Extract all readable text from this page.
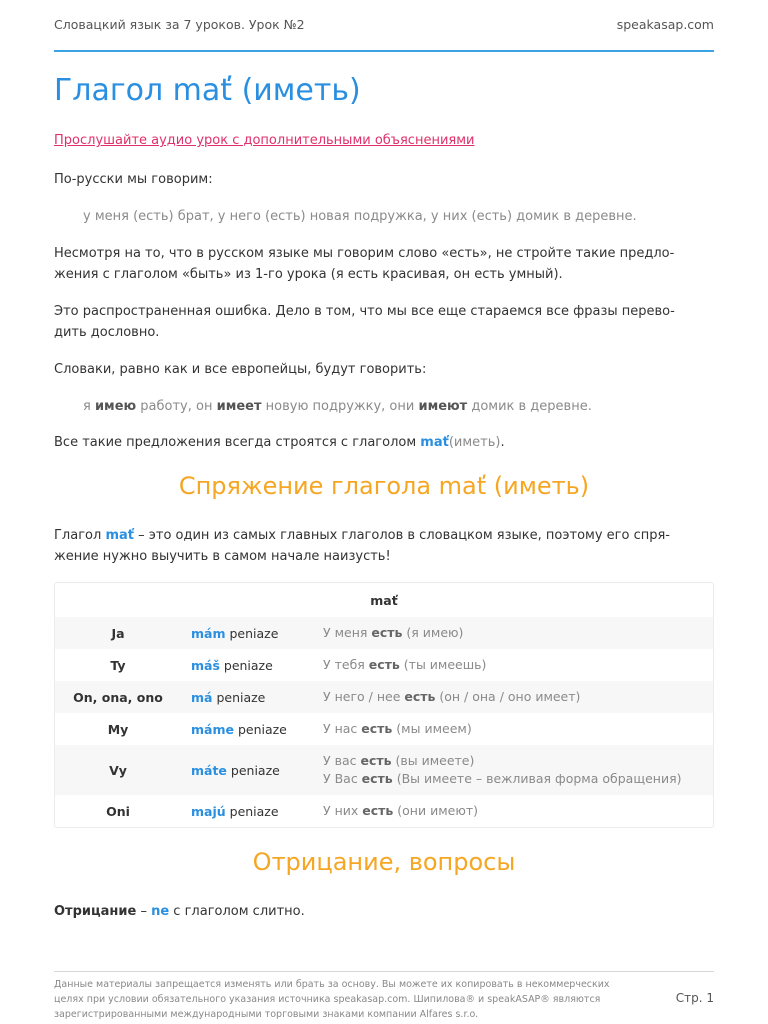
Словацкий язык за 7 уроков. Урок №2	speakasap.com
Глагол mať (иметь)
Прослушайте аудио урок с дополнительными объяснениями

По-русски мы говорим:

у меня (есть) брат, у него (есть) новая подружка, у них (есть) домик в деревне.

Несмотря на то, что в русском языке мы говорим слово «есть», не стройте такие предло-
жения с глаголом «быть» из 1-го урока (я есть красивая, он есть умный).

Это распространенная ошибка. Дело в том, что мы все еще стараемся все фразы перево-
дить дословно.

Словаки, равно как и все европейцы, будут говорить:

я имею работу, он имеет новую подружку, они имеют домик в деревне.

Все такие предложения всегда строятся с глаголом mať(иметь).

Спряжение глагола mať (иметь)

Глагол mať – это один из самых главных глаголов в словацком языке, поэтому его спря-
жение нужно выучить в самом начале наизусть!

mať		
Ja	mám peniaze	У меня есть (я имею)
Ty	máš peniaze	У тебя есть (ты имеешь)
On, ona, ono	má peniaze	У него / нее есть (он / она / оно имеет)
My	máme peniaze	У нас есть (мы имеем)
Vy	máte peniaze	У вас есть (вы имеете)
У Вас есть (Вы имеете – вежливая форма обращения)
Oni	majú peniaze	У них есть (они имеют)
Отрицание, вопросы

Отрицание – ne с глаголом слитно.

Данные материалы запрещается изменять или брать за основу. Вы можете их копировать в некоммерческих
целях при условии обязательного указания источника speakasap.com. Шипилова® и speakASAP® являются
зарегистрированными международными торговыми знаками компании Alfares s.r.o.

Стр. 1
